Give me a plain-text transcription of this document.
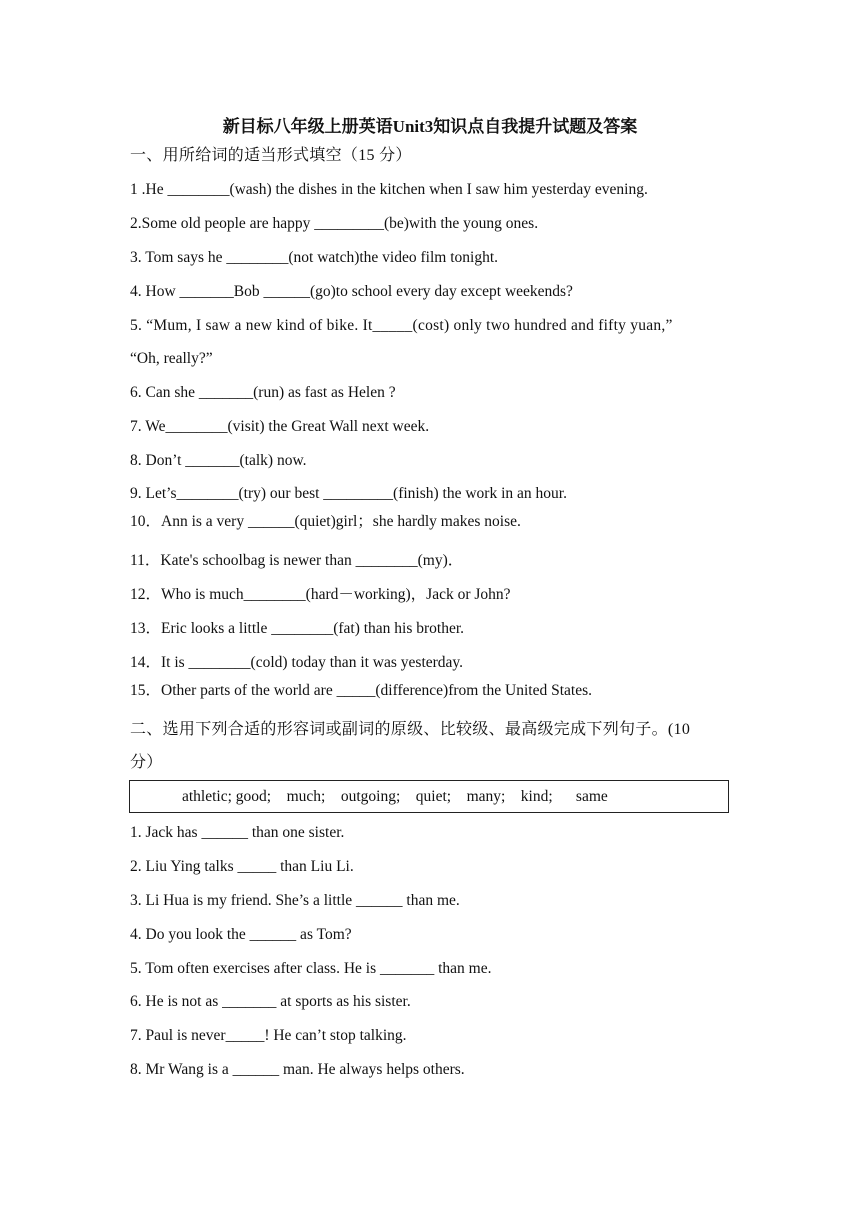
新目标八年级上册英语Unit3知识点自我提升试题及答案
一、用所给词的适当形式填空（15 分）
1 .He ________(wash) the dishes in the kitchen when I saw him yesterday evening.
2.Some old people are happy _________(be)with the young ones.
3. Tom says he ________(not watch)the video film tonight.
4. How _______Bob ______(go)to school every day except weekends?
5. “Mum, I saw a new kind of bike. It_____(cost) only two hundred and fifty yuan,”
“Oh, really?”
6. Can she _______(run) as fast as Helen ?
7. We________(visit) the Great Wall next week.
8. Don’t _______(talk) now.
9. Let’s________(try) our best _________(finish) the work in an hour.
10．Ann is a very ______(quiet)girl；she hardly makes noise.
11．Kate's schoolbag is newer than ________(my)．
12．Who is much________(hard－working)，Jack or John?
13．Eric looks a little ________(fat) than his brother.
14．It is ________(cold) today than it was yesterday.
15．Other parts of the world are _____(difference)from the United States.
二、选用下列合适的形容词或副词的原级、比较级、最高级完成下列句子。(10
分）
athletic; good;    much;    outgoing;    quiet;    many;    kind;      same
1. Jack has ______ than one sister.
2. Liu Ying talks _____ than Liu Li.
3. Li Hua is my friend. She’s a little ______ than me.
4. Do you look the ______ as Tom?
5. Tom often exercises after class. He is _______ than me.
6. He is not as _______ at sports as his sister.
7. Paul is never_____! He can’t stop talking.
8. Mr Wang is a ______ man. He always helps others.
